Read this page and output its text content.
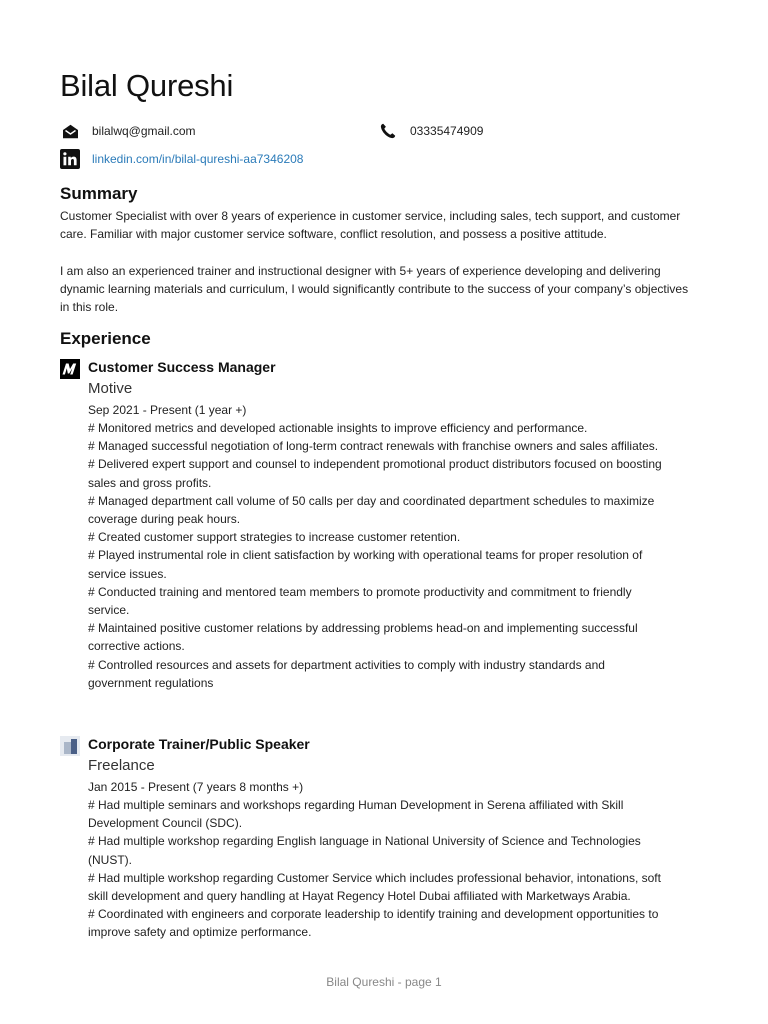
Bilal Qureshi
bilalwq@gmail.com	03335474909
linkedin.com/in/bilal-qureshi-aa7346208
Summary

Customer Specialist with over 8 years of experience in customer service, including sales, tech support, and customer care. Familiar with major customer service software, conflict resolution, and possess a positive attitude.

I am also an experienced trainer and instructional designer with 5+ years of experience developing and delivering dynamic learning materials and curriculum, I would significantly contribute to the success of your company’s objectives in this role.

Experience
Customer Success Manager
Motive
Sep 2021 - Present (1 year +)
# Monitored metrics and developed actionable insights to improve efficiency and performance.
# Managed successful negotiation of long-term contract renewals with franchise owners and sales affiliates.
# Delivered expert support and counsel to independent promotional product distributors focused on boosting sales and gross profits.
# Managed department call volume of 50 calls per day and coordinated department schedules to maximize coverage during peak hours.
# Created customer support strategies to increase customer retention.
# Played instrumental role in client satisfaction by working with operational teams for proper resolution of service issues.
# Conducted training and mentored team members to promote productivity and commitment to friendly service.
# Maintained positive customer relations by addressing problems head-on and implementing successful corrective actions.
# Controlled resources and assets for department activities to comply with industry standards and government regulations
Corporate Trainer/Public Speaker
Freelance
Jan 2015 - Present (7 years 8 months +)
# Had multiple seminars and workshops regarding Human Development in Serena affiliated with Skill Development Council (SDC).
# Had multiple workshop regarding English language in National University of Science and Technologies (NUST).
# Had multiple workshop regarding Customer Service which includes professional behavior, intonations, soft skill development and query handling at Hayat Regency Hotel Dubai affiliated with Marketways Arabia.
# Coordinated with engineers and corporate leadership to identify training and development opportunities to improve safety and optimize performance.
Bilal Qureshi - page 1
